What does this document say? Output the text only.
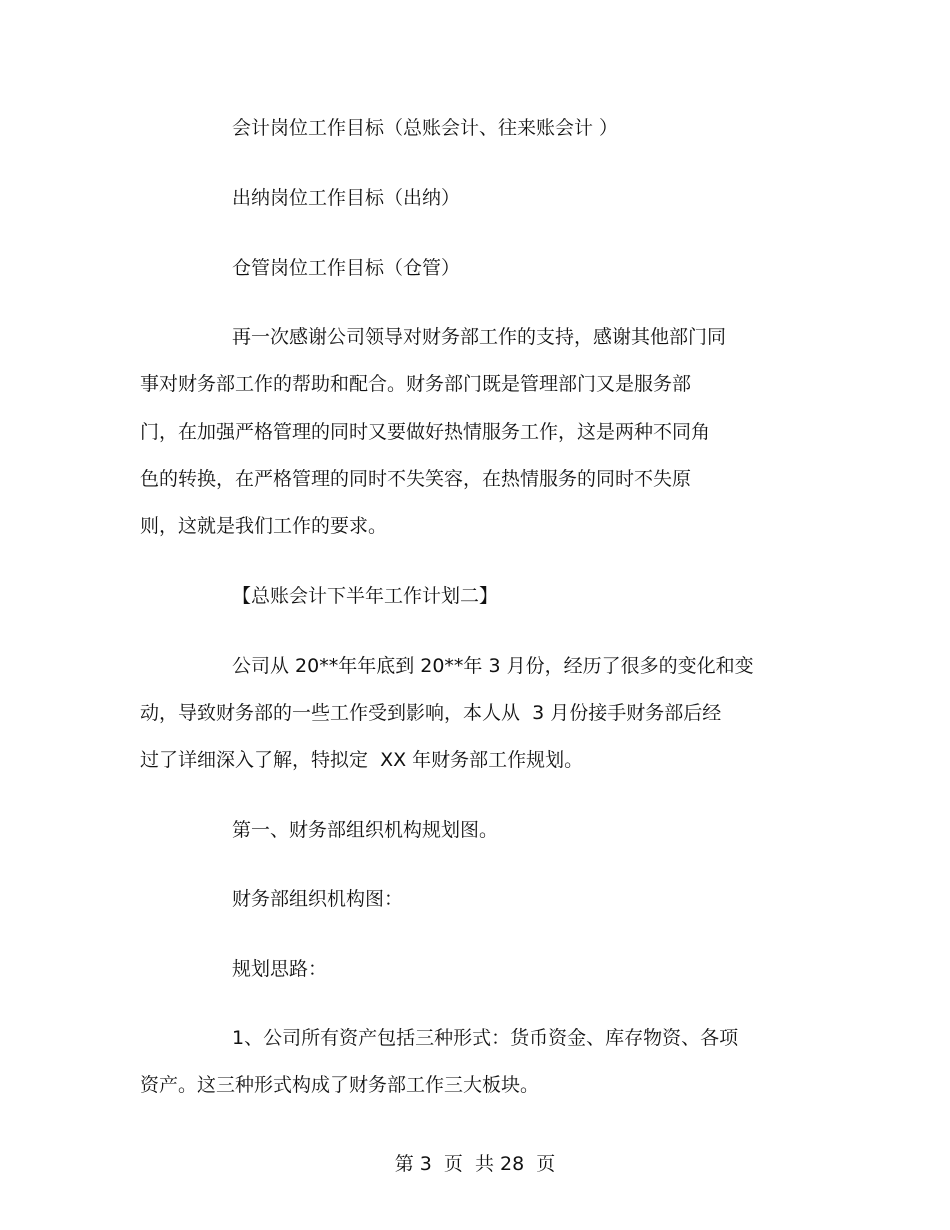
会计岗位工作目标（总账会计、往来账会计 ）

出纳岗位工作目标（出纳）

仓管岗位工作目标（仓管）

再一次感谢公司领导对财务部工作的支持，感谢其他部门同

事对财务部工作的帮助和配合。财务部门既是管理部门又是服务部

门，在加强严格管理的同时又要做好热情服务工作，这是两种不同角

色的转换，在严格管理的同时不失笑容，在热情服务的同时不失原

则，这就是我们工作的要求。

【总账会计下半年工作计划二】

公司从 20**年年底到 20**年 3 月份，经历了很多的变化和变

动，导致财务部的一些工作受到影响，本人从  3 月份接手财务部后经

过了详细深入了解，特拟定  XX 年财务部工作规划。

第一、财务部组织机构规划图。

财务部组织机构图：

规划思路：

1、公司所有资产包括三种形式：货币资金、库存物资、各项

资产。这三种形式构成了财务部工作三大板块。

第 3  页  共 28  页
